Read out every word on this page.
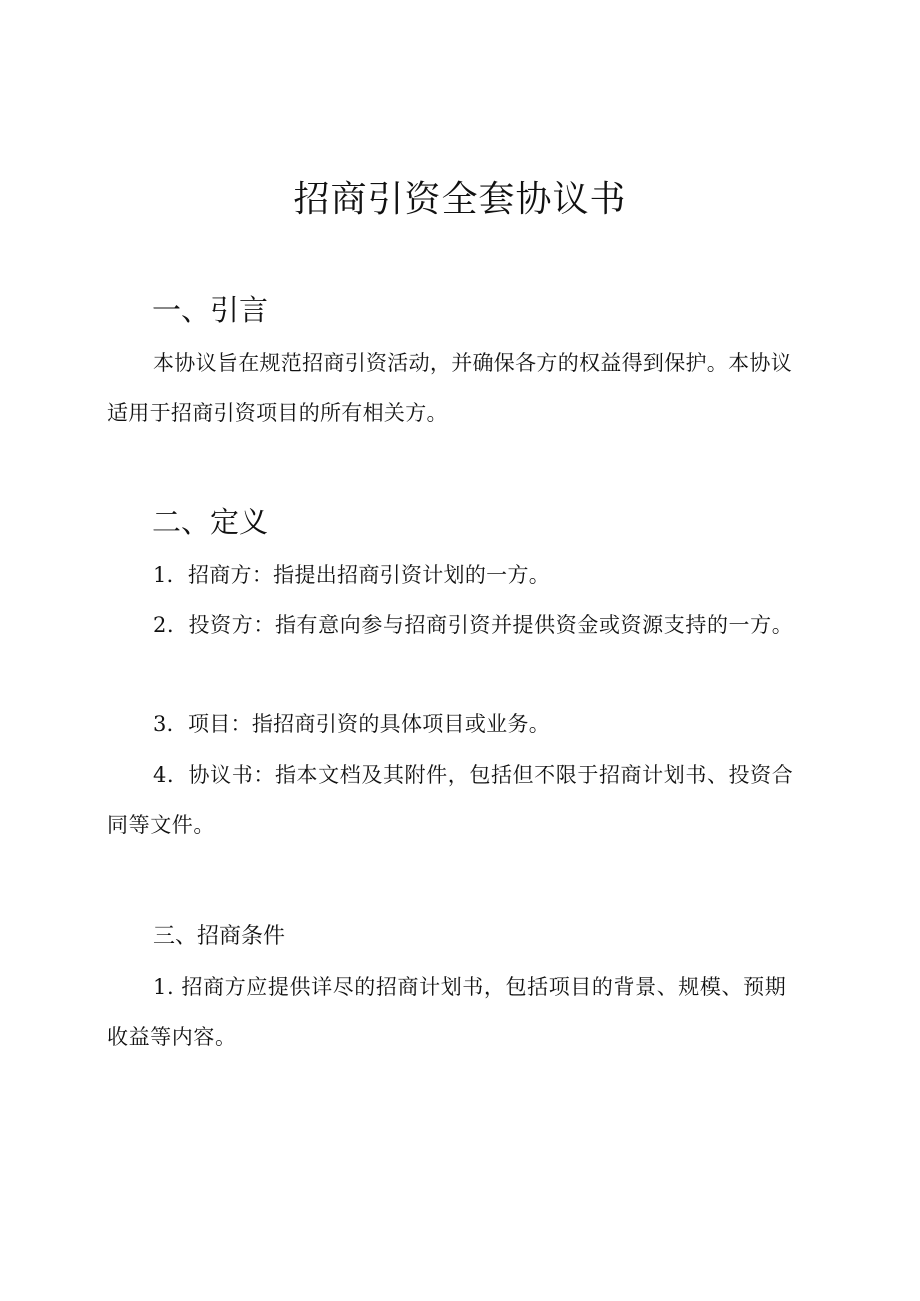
招商引资全套协议书
一、引言
本协议旨在规范招商引资活动，并确保各方的权益得到保护。本协议适用于招商引资项目的所有相关方。
二、定义
1．招商方：指提出招商引资计划的一方。
2．投资方：指有意向参与招商引资并提供资金或资源支持的一方。
3．项目：指招商引资的具体项目或业务。
4．协议书：指本文档及其附件，包括但不限于招商计划书、投资合同等文件。
三、招商条件
1. 招商方应提供详尽的招商计划书，包括项目的背景、规模、预期收益等内容。
